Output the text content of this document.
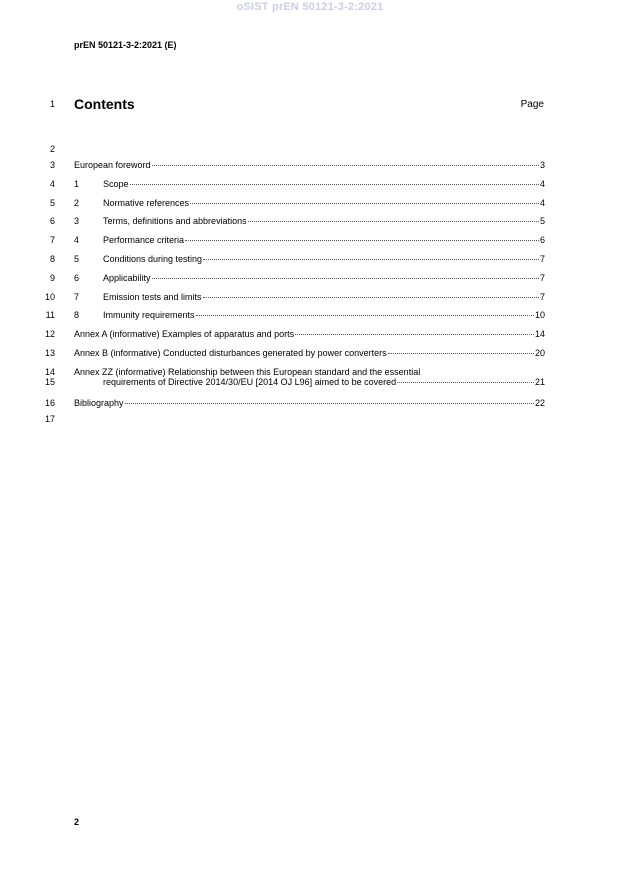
oSIST prEN 50121-3-2:2021
prEN 50121-3-2:2021 (E)
1
2
3
4
5
6
7
8
9
10
11
12
13
14
15
16
17
Contents	Page
European foreword	3
1	Scope	4
2	Normative references	4
3	Terms, definitions and abbreviations	5
4	Performance criteria	6
5	Conditions during testing	7
6	Applicability	7
7	Emission tests and limits	7
8	Immunity requirements	10
Annex A (informative) Examples of apparatus and ports	14
Annex B (informative) Conducted disturbances generated by power converters	20
Annex ZZ (informative) Relationship between this European standard and the essential
requirements of Directive 2014/30/EU [2014 OJ L96] aimed to be covered	21
Bibliography	22
2
